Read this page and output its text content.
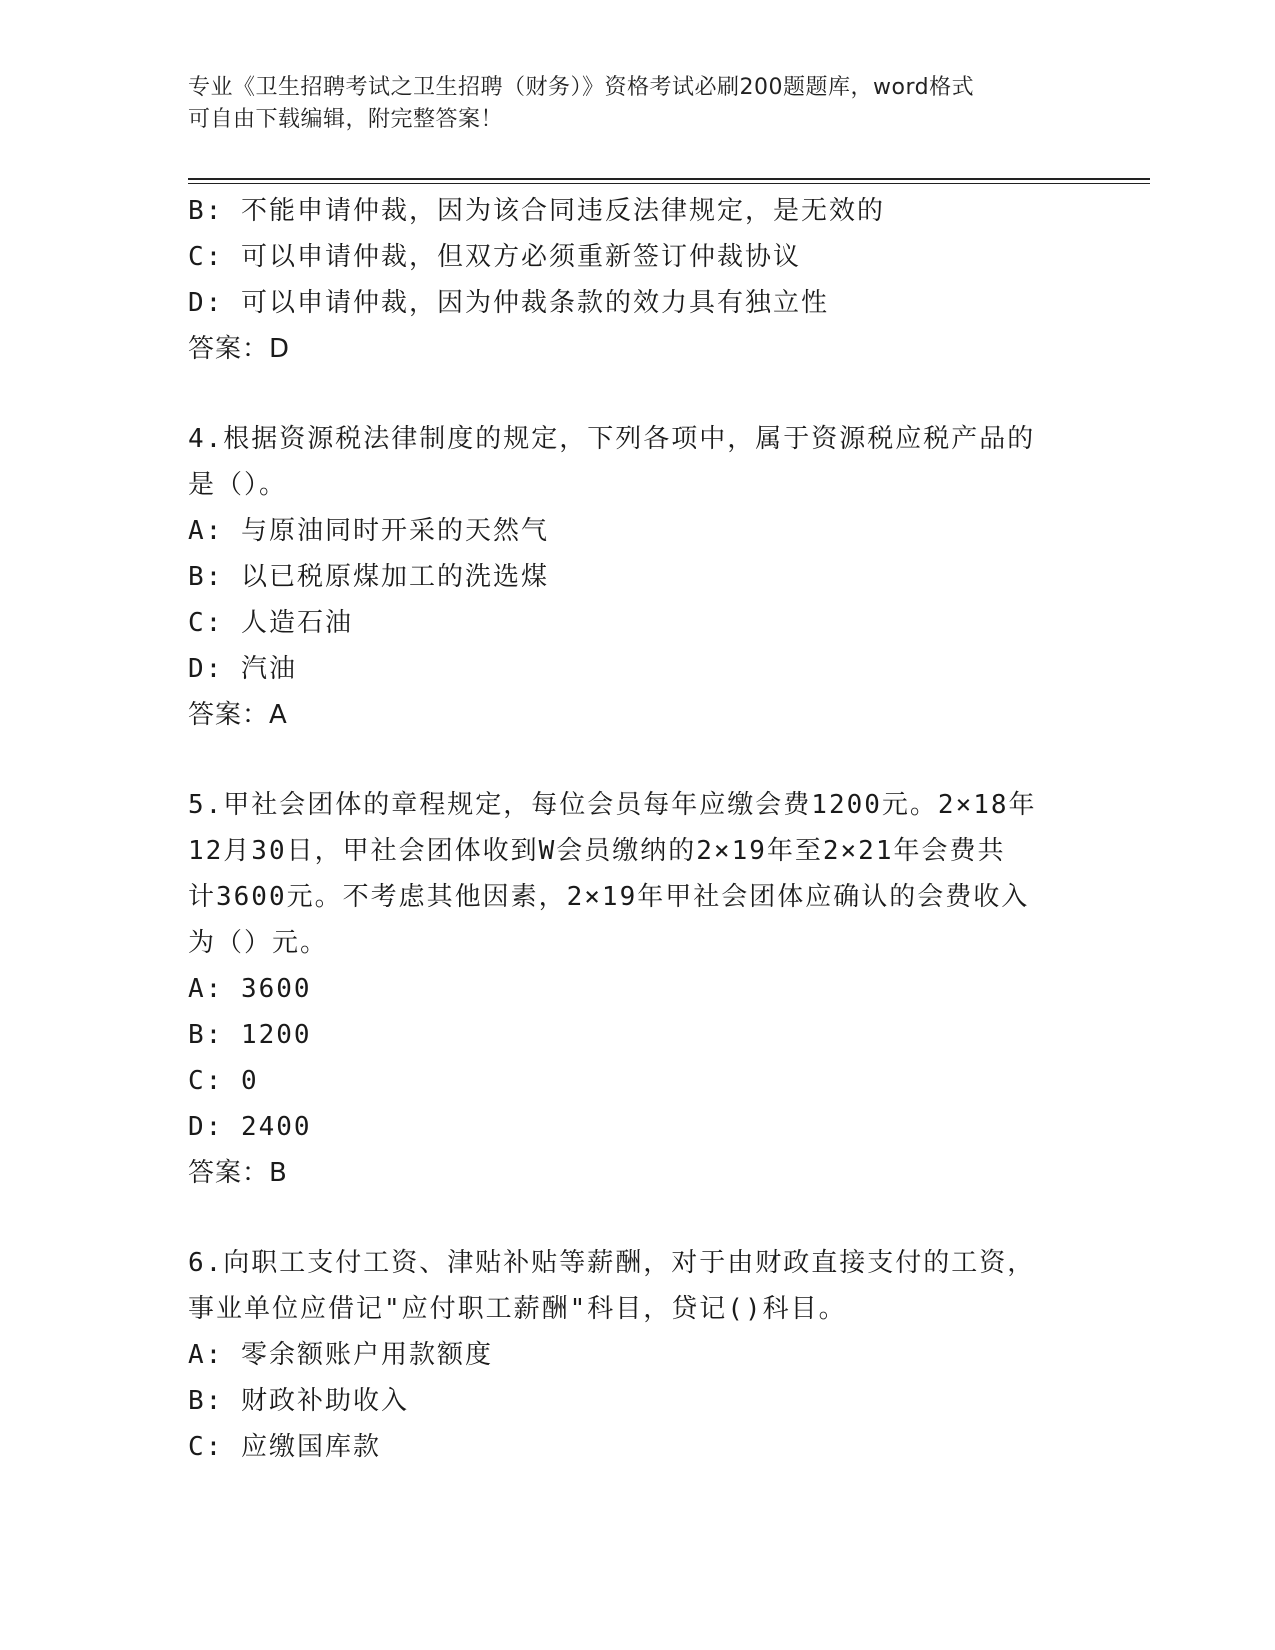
专业《卫生招聘考试之卫生招聘（财务）》资格考试必刷200题题库，word格式
可自由下载编辑，附完整答案！
B: 不能申请仲裁，因为该合同违反法律规定，是无效的
C: 可以申请仲裁，但双方必须重新签订仲裁协议
D: 可以申请仲裁，因为仲裁条款的效力具有独立性
答案：D
4.根据资源税法律制度的规定，下列各项中，属于资源税应税产品的
是（）。
A: 与原油同时开采的天然气
B: 以已税原煤加工的洗选煤
C: 人造石油
D: 汽油
答案：A
5.甲社会团体的章程规定，每位会员每年应缴会费1200元。2×18年
12月30日，甲社会团体收到W会员缴纳的2×19年至2×21年会费共
计3600元。不考虑其他因素，2×19年甲社会团体应确认的会费收入
为（）元。
A: 3600
B: 1200
C: 0
D: 2400
答案：B
6.向职工支付工资、津贴补贴等薪酬，对于由财政直接支付的工资，
事业单位应借记"应付职工薪酬"科目，贷记()科目。
A: 零余额账户用款额度
B: 财政补助收入
C: 应缴国库款
